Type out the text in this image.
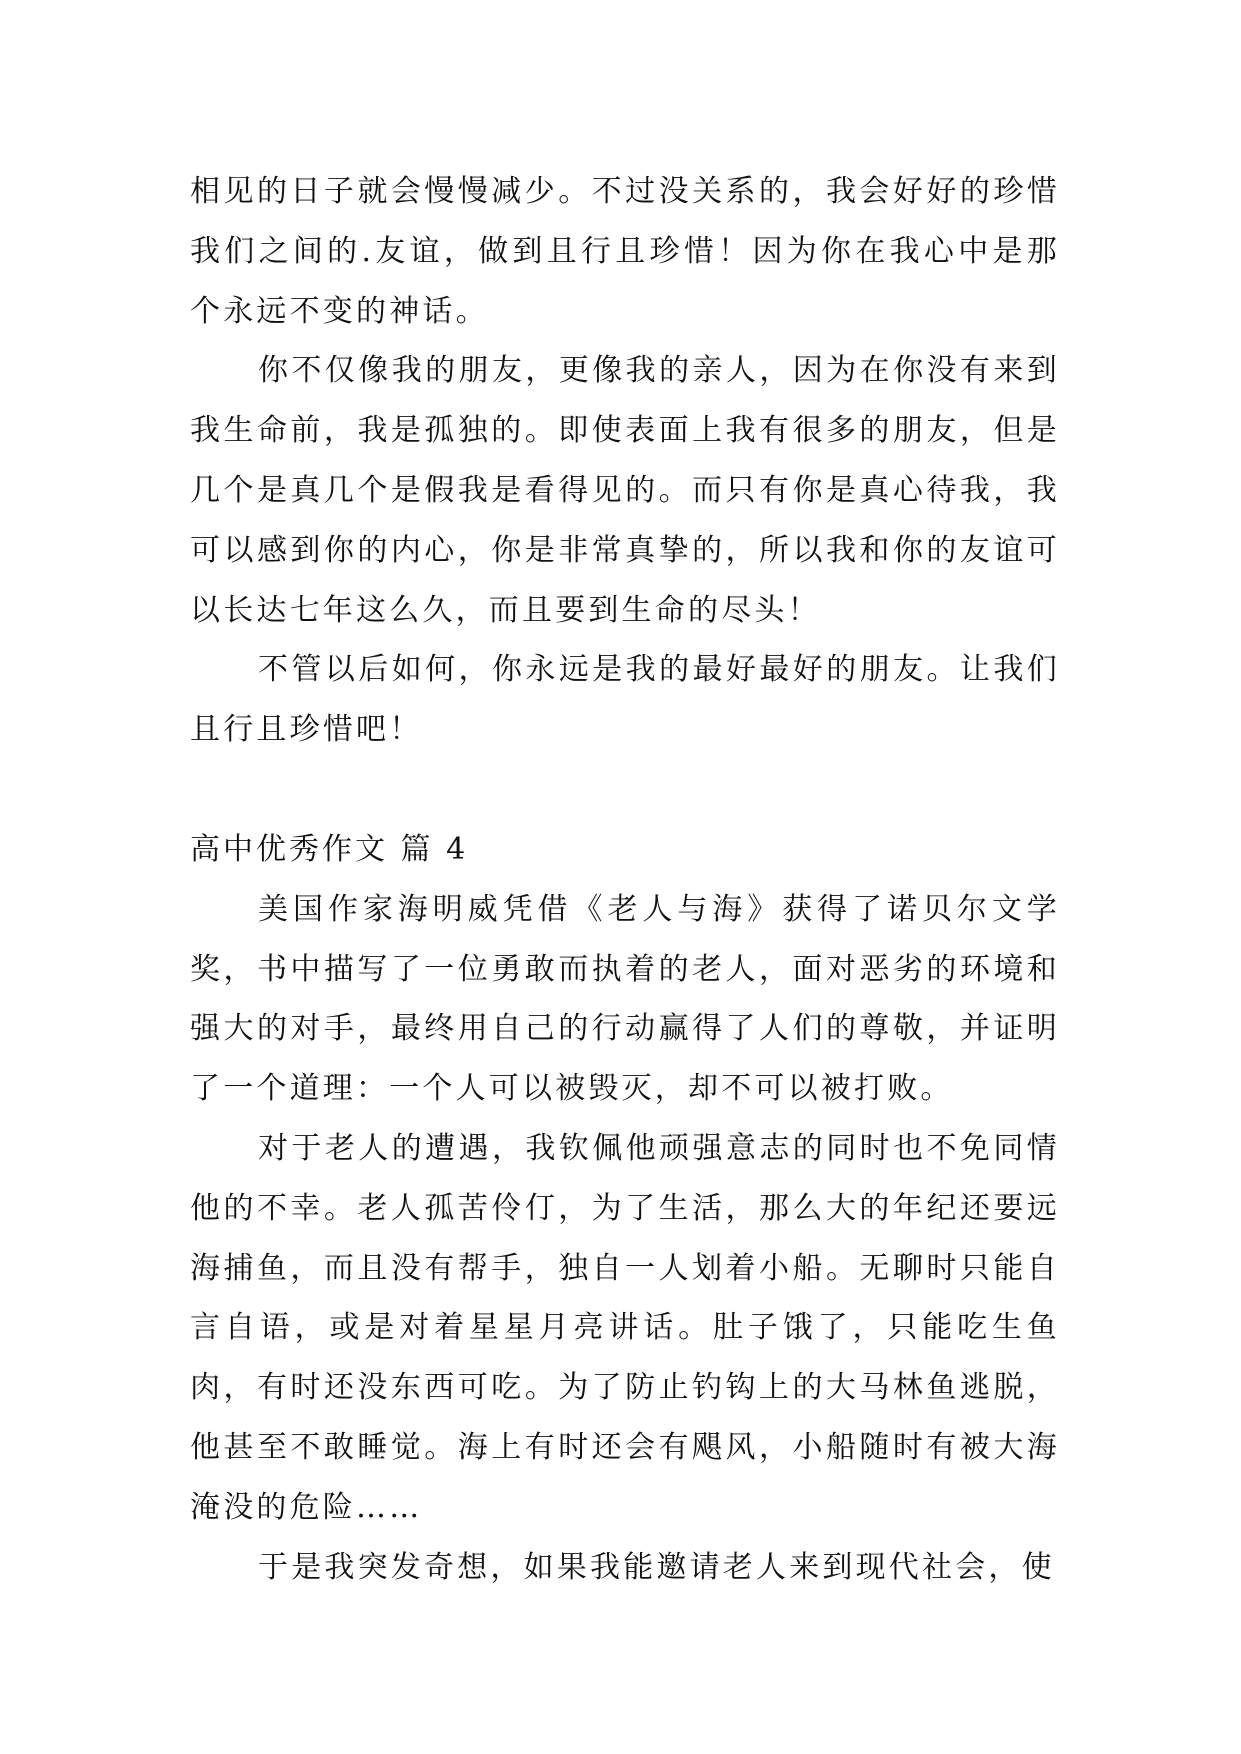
相见的日子就会慢慢减少。不过没关系的，我会好好的珍惜我们之间的.友谊，做到且行且珍惜！因为你在我心中是那个永远不变的神话。

你不仅像我的朋友，更像我的亲人，因为在你没有来到我生命前，我是孤独的。即使表面上我有很多的朋友，但是几个是真几个是假我是看得见的。而只有你是真心待我，我可以感到你的内心，你是非常真挚的，所以我和你的友谊可以长达七年这么久，而且要到生命的尽头！

不管以后如何，你永远是我的最好最好的朋友。让我们且行且珍惜吧！

高中优秀作文 篇 4

美国作家海明威凭借《老人与海》获得了诺贝尔文学奖，书中描写了一位勇敢而执着的老人，面对恶劣的环境和强大的对手，最终用自己的行动赢得了人们的尊敬，并证明了一个道理：一个人可以被毁灭，却不可以被打败。

对于老人的遭遇，我钦佩他顽强意志的同时也不免同情他的不幸。老人孤苦伶仃，为了生活，那么大的年纪还要远海捕鱼，而且没有帮手，独自一人划着小船。无聊时只能自言自语，或是对着星星月亮讲话。肚子饿了，只能吃生鱼肉，有时还没东西可吃。为了防止钓钩上的大马林鱼逃脱，他甚至不敢睡觉。海上有时还会有飓风，小船随时有被大海淹没的危险……

于是我突发奇想，如果我能邀请老人来到现代社会，使
